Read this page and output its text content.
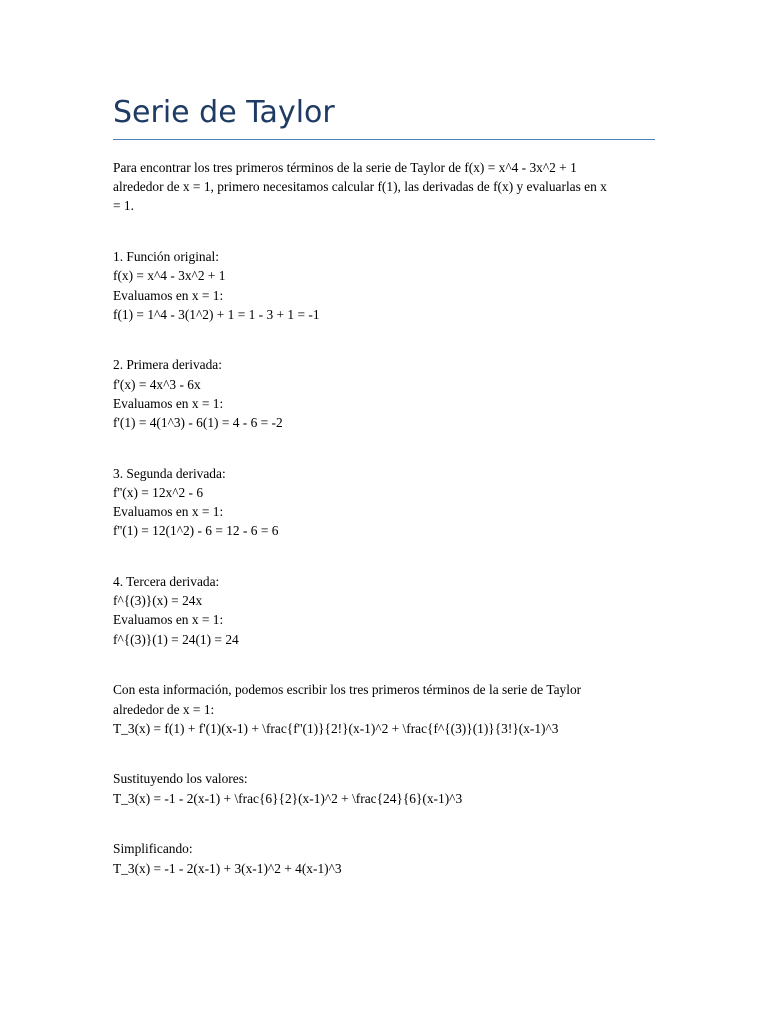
Serie de Taylor

Para encontrar los tres primeros términos de la serie de Taylor de f(x) = x^4 - 3x^2 + 1
alrededor de x = 1, primero necesitamos calcular f(1), las derivadas de f(x) y evaluarlas en x
= 1.

1. Función original:
f(x) = x^4 - 3x^2 + 1
Evaluamos en x = 1:
f(1) = 1^4 - 3(1^2) + 1 = 1 - 3 + 1 = -1

2. Primera derivada:
f'(x) = 4x^3 - 6x
Evaluamos en x = 1:
f'(1) = 4(1^3) - 6(1) = 4 - 6 = -2

3. Segunda derivada:
f''(x) = 12x^2 - 6
Evaluamos en x = 1:
f''(1) = 12(1^2) - 6 = 12 - 6 = 6

4. Tercera derivada:
f^{(3)}(x) = 24x
Evaluamos en x = 1:
f^{(3)}(1) = 24(1) = 24

Con esta información, podemos escribir los tres primeros términos de la serie de Taylor
alrededor de x = 1:
T_3(x) = f(1) + f'(1)(x-1) + \frac{f''(1)}{2!}(x-1)^2 + \frac{f^{(3)}(1)}{3!}(x-1)^3

Sustituyendo los valores:
T_3(x) = -1 - 2(x-1) + \frac{6}{2}(x-1)^2 + \frac{24}{6}(x-1)^3

Simplificando:
T_3(x) = -1 - 2(x-1) + 3(x-1)^2 + 4(x-1)^3
